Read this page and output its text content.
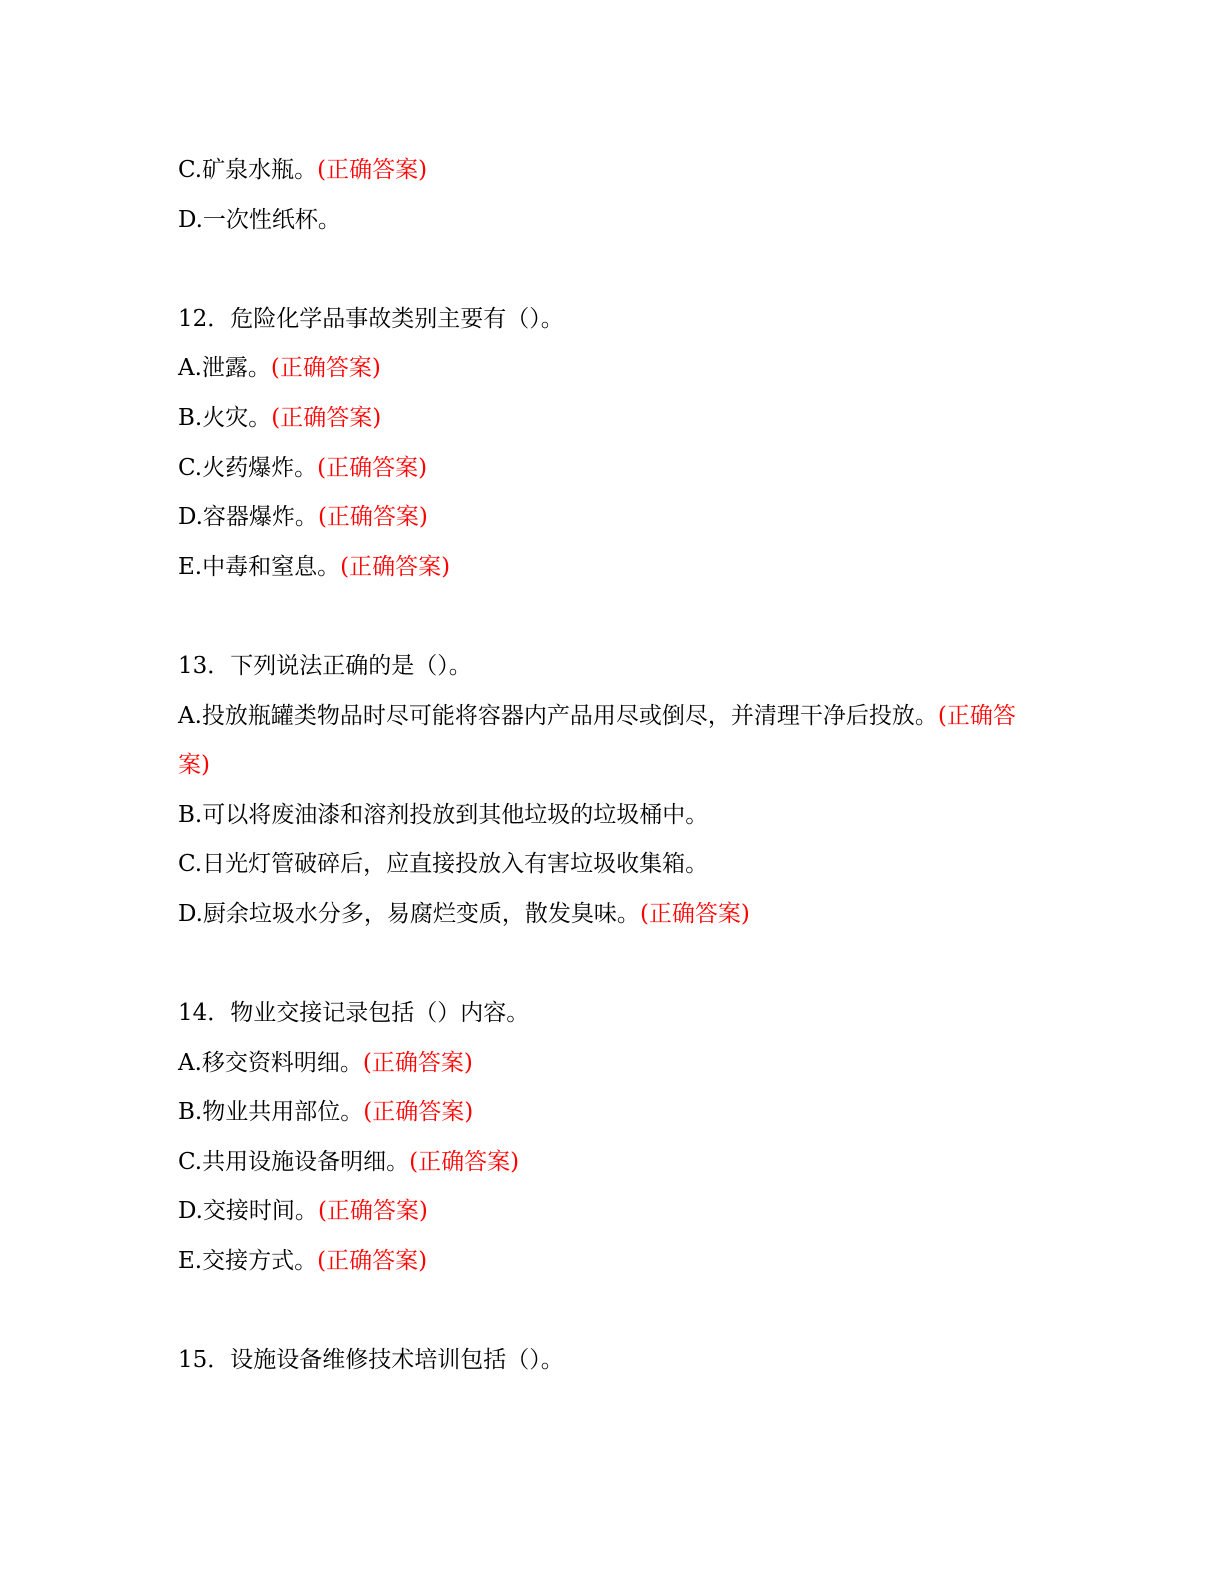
C.矿泉水瓶。(正确答案)
D.一次性纸杯。
12．危险化学品事故类别主要有（）。
A.泄露。(正确答案)
B.火灾。(正确答案)
C.火药爆炸。(正确答案)
D.容器爆炸。(正确答案)
E.中毒和窒息。(正确答案)
13．下列说法正确的是（）。
A.投放瓶罐类物品时尽可能将容器内产品用尽或倒尽，并清理干净后投放。(正确答案)
B.可以将废油漆和溶剂投放到其他垃圾的垃圾桶中。
C.日光灯管破碎后，应直接投放入有害垃圾收集箱。
D.厨余垃圾水分多，易腐烂变质，散发臭味。(正确答案)
14．物业交接记录包括（）内容。
A.移交资料明细。(正确答案)
B.物业共用部位。(正确答案)
C.共用设施设备明细。(正确答案)
D.交接时间。(正确答案)
E.交接方式。(正确答案)
15．设施设备维修技术培训包括（）。
